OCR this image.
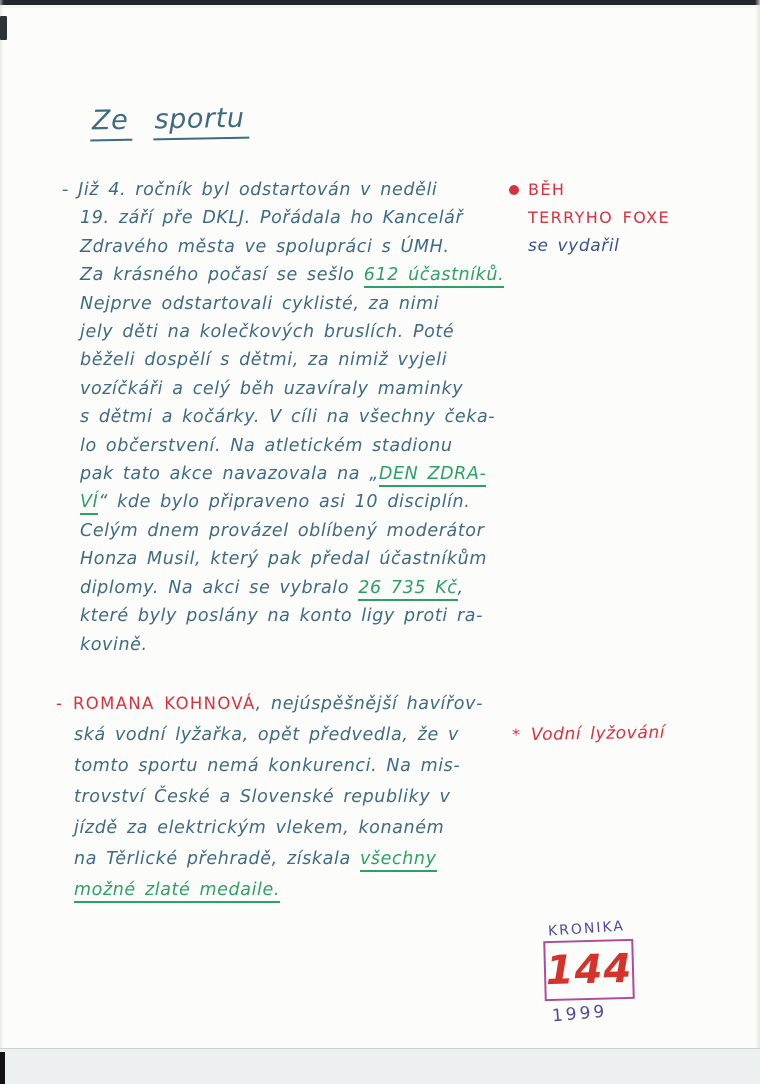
Ze sportu
- Již 4. ročník byl odstartován v neděli
19. září pře DKLJ. Pořádala ho Kancelář
Zdravého města ve spolupráci s ÚMH.
Za krásného počasí se sešlo 612 účastníků.
Nejprve odstartovali cyklisté, za nimi
jely děti na kolečkových bruslích. Poté
běželi dospělí s dětmi, za nimiž vyjeli
vozíčkáři a celý běh uzavíraly maminky
s dětmi a kočárky. V cíli na všechny čeka-
lo občerstvení. Na atletickém stadionu
pak tato akce navazovala na „DEN ZDRA-
VÍ“ kde bylo připraveno asi 10 disciplín.
Celým dnem provázel oblíbený moderátor
Honza Musil, který pak předal účastníkům
diplomy. Na akci se vybralo 26 735 Kč,
které byly poslány na konto ligy proti ra-
kovině.
BĚH
TERRYHO FOXE
se vydařil
- ROMANA KOHNOVÁ, nejúspěšnější havířov-
ská vodní lyžařka, opět předvedla, že v
tomto sportu nemá konkurenci. Na mis-
trovství České a Slovenské republiky v
jízdě za elektrickým vlekem, konaném
na Těrlické přehradě, získala všechny
možné zlaté medaile.
* Vodní lyžování
KRONIKA
144
1999
